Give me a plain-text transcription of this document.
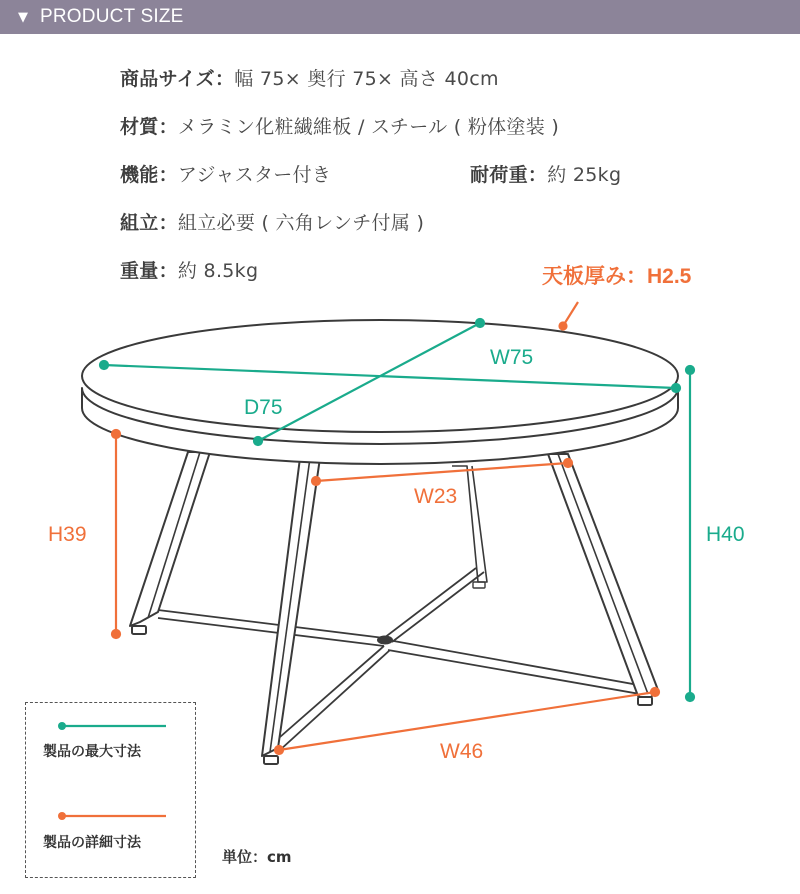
▼ PRODUCT SIZE
商品サイズ：幅 75× 奥行 75× 高さ 40cm
材質：メラミン化粧繊維板 / スチール ( 粉体塗装 )
機能：アジャスター付き	耐荷重：約 25kg
組立：組立必要 ( 六角レンチ付属 )
重量：約 8.5kg	天板厚み：H2.5
W75
D75
W23
H39	H40
W46
製品の最大寸法
製品の詳細寸法
単位：cm
